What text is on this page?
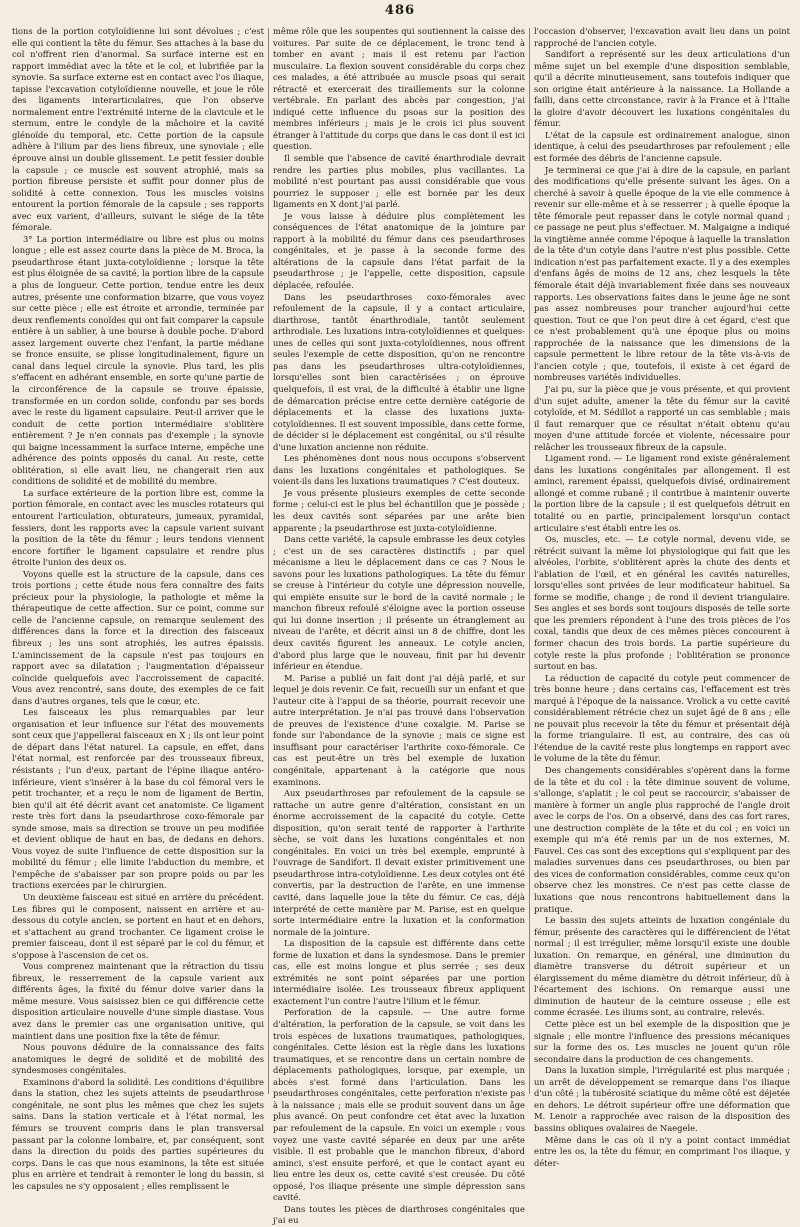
486

tions de la portion cotyloïdienne lui sont dévolues ; c'est elle qui contient la tête du fémur. Ses attaches à la base du col n'offrent rien d'anormal. Sa surface interne est en rapport immédiat avec la tête et le col, et lubrifiée par la synovie. Sa surface externe est en contact avec l'os iliaque, tapisse l'excavation cotyloïdienne nouvelle, et joue le rôle des ligaments interarticulaires, que l'on observe normalement entre l'extrémité interne de la clavicule et le sternum, entre le condyle de la mâchoire et la cavité glénoïde du temporal, etc. Cette portion de la capsule adhère à l'ilium par des liens fibreux, une synoviale ; elle éprouve ainsi un double glissement. Le petit fessier double la capsule ; ce muscle est souvent atrophié, mais sa portion fibreuse persiste et suffit pour donner plus de solidité à cette connexion. Tous les muscles voisins entourent la portion fémorale de la capsule ; ses rapports avec eux varient, d'ailleurs, suivant le siége de la tête fémorale.

3° La portion intermédiaire ou libre est plus ou moins longue ; elle est assez courte dans la pièce de M. Broca, la pseudarthrose étant juxta-cotyloïdienne ; lorsque la tête est plus éloignée de sa cavité, la portion libre de la capsule a plus de longueur. Cette portion, tendue entre les deux autres, présente une conformation bizarre, que vous voyez sur cette pièce ; elle est étroite et arrondie, terminée par deux renflements conoïdes qui ont fait comparer la capsule entière à un sablier, à une bourse à double poche. D'abord assez largement ouverte chez l'enfant, la partie médiane se fronce ensuite, se plisse longitudinalement, figure un canal dans lequel circule la synovie. Plus tard, les plis s'effacent en adhérant ensemble, en sorte qu'une partie de la circonférence de la capsule se trouve épaissie, transformée en un cordon solide, confondu par ses bords avec le reste du ligament capsulaire. Peut-il arriver que le conduit de cette portion intermédiaire s'oblitère entièrement ? Je n'en connais pas d'exemple ; la synovie qui baigne incessamment la surface interne, empêche une adhérence des points opposés du canal. Au reste, cette oblitération, si elle avait lieu, ne changerait rien aux conditions de solidité et de mobilité du membre.

La surface extérieure de la portion libre est, comme la portion fémorale, en contact avec les muscles rotateurs qui entourent l'articulation, obturateurs, jumeaux, pyramidal, fessiers, dont les rapports avec la capsule varient suivant la position de la tête du fémur ; leurs tendons viennent encore fortifier le ligament capsulaire et rendre plus étroite l'union des deux os.

Voyons quelle est la structure de la capsule, dans ces trois portions ; cette étude nous fera connaître des faits précieux pour la physiologie, la pathologie et même la thérapeutique de cette affection. Sur ce point, comme sur celle de l'ancienne capsule, on remarque seulement des différences dans la force et la direction des faisceaux fibreux ; les uns sont atrophiés, les autres épaissis. L'amincissement de la capsule n'est pas toujours en rapport avec sa dilatation ; l'augmentation d'épaisseur coïncide quelquefois avec l'accroissement de capacité. Vous avez rencontré, sans doute, des exemples de ce fait dans d'autres organes, tels que le cœur, etc.

Les faisceaux les plus remarquables par leur organisation et leur influence sur l'état des mouvements sont ceux que j'appellerai faisceaux en X ; ils ont leur point de départ dans l'état naturel. La capsule, en effet, dans l'état normal, est renforcée par des trousseaux fibreux, résistants ; l'un d'eux, partant de l'épine iliaque antéro-inférieure, vient s'insérer à la base du col fémoral vers le petit trochanter, et a reçu le nom de ligament de Bertin, bien qu'il ait été décrit avant cet anatomiste. Ce ligament reste très fort dans la pseudarthrose coxo-fémorale par synde smose, mais sa direction se trouve un peu modifiée et devient oblique de haut en bas, de dedans en dehors. Vous voyez de suite l'influence de cette disposition sur la mobilité du fémur ; elle limite l'abduction du membre, et l'empêche de s'abaisser par son propre poids ou par les tractions exercées par le chirurgien.

Un deuxième faisceau est situé en arrière du précédent. Les fibres qui le composent, naissent en arrière et au-dessous du cotyle ancien, se portent en haut et en dehors, et s'attachent au grand trochanter. Ce ligament croise le premier faisceau, dont il est séparé par le col du fémur, et s'oppose à l'ascension de cet os.

Vous comprenez maintenant que la rétraction du tissu fibreux, le resserrement de la capsule varient aux différents âges, la fixité du fémur doive varier dans la même mesure. Vous saisissez bien ce qui différencie cette disposition articulaire nouvelle d'une simple diastase. Vous avez dans le premier cas une organisation unitive, qui maintient dans une position fixe la tête de fémur.

Nous pouvons déduire de la connaissance des faits anatomiques le degré de solidité et de mobilité des syndesmoses congénitales.

Examinons d'abord la solidité. Les conditions d'équilibre dans la station, chez les sujets atteints de pseudarthrose congénitale, ne sont plus les mêmes que chez les sujets sains. Dans la station verticale et à l'état normal, les fémurs se trouvent compris dans le plan transversal passant par la colonne lombaire, et, par conséquent, sont dans la direction du poids des parties supérieures du corps. Dans le cas que nous examinons, la tête est située plus en arrière et tendrait à remonter le long du bassin, si les capsules ne s'y opposaient ; elles remplissent le

même rôle que les soupentes qui soutiennent la caisse des voitures. Par suite de ce déplacement, le tronc tend à tomber en avant ; mais il est retenu par l'action musculaire. La flexion souvent considérable du corps chez ces malades, a été attribuée au muscle psoas qui serait rétracté et exercerait des tiraillements sur la colonne vertébrale. En parlant des abcès par congestion, j'ai indiqué cette influence du psoas sur la position des membres inférieurs ; mais je le crois ici plus souvent étranger à l'attitude du corps que dans le cas dont il est ici question.

Il semble que l'absence de cavité énarthrodiale devrait rendre les parties plus mobiles, plus vacillantes. La mobilité n'est pourtant pas aussi considérable que vous pourriez le supposer ; elle est bornée par les deux ligaments en X dont j'ai parlé.

Je vous laisse à déduire plus complètement les conséquences de l'état anatomique de la jointure par rapport à la mobilité du fémur dans ces pseudarthroses congénitales, et je passe à la seconde forme des altérations de la capsule dans l'état parfait de la pseudarthrose ; je l'appelle, cette disposition, capsule déplacée, refoulée.

Dans les pseudarthroses coxo-fémorales avec refoulement de la capsule, il y a contact articulaire, diarthrose, tantôt énarthrodiale, tantôt seulement arthrodiale. Les luxations intra-cotyloïdiennes et quelques-unes de celles qui sont juxta-cotyloïdiennes, nous offrent seules l'exemple de cette disposition, qu'on ne rencontre pas dans les pseudarthroses ultra-cotyloïdiennes, lorsqu'elles sont bien caractérisées ; on éprouve quelquefois, il est vrai, de la difficulté à établir une ligne de démarcation précise entre cette dernière catégorie de déplacements et la classe des luxations juxta-cotyloïdiennes. Il est souvent impossible, dans cette forme, de décider si le déplacement est congénital, ou s'il résulte d'une luxation ancienne non réduite.

Les phénomènes dont nous nous occupons s'observent dans les luxations congénitales et pathologiques. Se voient-ils dans les luxations traumatiques ? C'est douteux.

Je vous présente plusieurs exemples de cette seconde forme ; celui-ci est le plus bel échantillon que je possède ; les deux cavités sont séparées par une arête bien apparente ; la pseudarthrose est juxta-cotyloïdienne.

Dans cette variété, la capsule embrasse les deux cotyles ; c'est un de ses caractères distinctifs ; par quel mécanisme a lieu le déplacement dans ce cas ? Nous le savons pour les luxations pathologiques. La tête du fémur se creuse à l'intérieur du cotyle une dépression nouvelle, qui empiète ensuite sur le bord de la cavité normale ; le manchon fibreux refoulé s'éloigne avec la portion osseuse qui lui donne insertion ; il présente un étranglement au niveau de l'arête, et décrit ainsi un 8 de chiffre, dont les deux cavités figurent les anneaux. Le cotyle ancien, d'abord plus large que le nouveau, finit par lui devenir inférieur en étendue.

M. Parise a publié un fait dont j'ai déjà parlé, et sur lequel je dois revenir. Ce fait, recueilli sur un enfant et que l'auteur cite à l'appui de sa théorie, pourrait recevoir une autre interprétation. Je n'ai pas trouvé dans l'observation de preuves de l'existence d'une coxalgie. M. Parise se fonde sur l'abondance de la synovie ; mais ce signe est insuffisant pour caractériser l'arthrite coxo-fémorale. Ce cas est peut-être un très bel exemple de luxation congénitale, appartenant à la catégorie que nous examinons.

Aux pseudarthroses par refoulement de la capsule se rattache un autre genre d'altération, consistant en un énorme accroissement de la capacité du cotyle. Cette disposition, qu'on serait tenté de rapporter à l'arthrite sèche, se voit dans les luxations congénitales et non congénitales. En voici un très bel exemple, emprunté à l'ouvrage de Sandifort. Il devait exister primitivement une pseudarthrose intra-cotyloïdienne. Les deux cotyles ont été convertis, par la destruction de l'arête, en une immense cavité, dans laquelle joue la tête du fémur. Ce cas, déjà interprété de cette manière par M. Parise, est en quelque sorte intermédiaire entre la luxation et la conformation normale de la jointure.

La disposition de la capsule est différente dans cette forme de luxation et dans la syndesmose. Dans le premier cas, elle est moins longue et plus serrée ; ses deux extrémités ne sont point séparées par une portion intermédiaire isolée. Les trousseaux fibreux appliquent exactement l'un contre l'autre l'ilium et le fémur.

Perforation de la capsule. — Une autre forme d'altération, la perforation de la capsule, se voit dans les trois espèces de luxations traumatiques, pathologiques, congénitales. Cette lésion est la règle dans les luxations traumatiques, et se rencontre dans un certain nombre de déplacements pathologiques, lorsque, par exemple, un abcès s'est formé dans l'articulation. Dans les pseudarthroses congénitales, cette perforation n'existe pas à la naissance ; mais elle se produit souvent dans un âge plus avancé. On peut confondre cet état avec la luxation par refoulement de la capsule. En voici un exemple : vous voyez une vaste cavité séparée en deux par une arête visible. Il est probable que le manchon fibreux, d'abord aminci, s'est ensuite perforé, et que le contact ayant eu lieu entre les deux os, cette cavité s'est creusée. Du côté opposé, l'os iliaque présente une simple dépression sans cavité.

Dans toutes les pièces de diarthroses congénitales que j'ai eu

l'occasion d'observer, l'excavation avait lieu dans un point rapproché de l'ancien cotyle.

Sandifort a représenté sur les deux articulations d'un même sujet un bel exemple d'une disposition semblable, qu'il a décrite minutieusement, sans toutefois indiquer que son origine était antérieure à la naissance. La Hollande a failli, dans cette circonstance, ravir à la France et à l'Italie la gloire d'avoir découvert les luxations congénitales du fémur.

L'état de la capsule est ordinairement analogue, sinon identique, à celui des pseudarthroses par refoulement ; elle est formée des débris de l'ancienne capsule.

Je terminerai ce que j'ai à dire de la capsule, en parlant des modifications qu'elle présente suivant les âges. On a cherché à savoir à quelle époque de la vie elle commence à revenir sur elle-même et à se resserrer ; à quelle époque la tête fémorale peut repasser dans le cotyle normal quand ; ce passage ne peut plus s'effectuer. M. Malgaigne a indiqué la vingtième année comme l'époque à laquelle la translation de la tête d'un cotyle dans l'autre n'est plus possible. Cette indication n'est pas parfaitement exacte. Il y a des exemples d'enfans âgés de moins de 12 ans, chez lesquels la tête fémorale était déjà invariablement fixée dans ses nouveaux rapports. Les observations faites dans le jeune âge ne sont pas assez nombreuses pour trancher aujourd'hui cette question. Tout ce que l'on peut dire à cet égard, c'est que ce n'est probablement qu'à une époque plus ou moins rapprochée de la naissance que les dimensions de la capsule permettent le libre retour de la tête vis-à-vis de l'ancien cotyle ; que, toutefois, il existe à cet égard de nombreuses variétés individuelles.

J'ai pu, sur la pièce que je vous présente, et qui provient d'un sujet adulte, amener la tête du fémur sur la cavité cotyloïde, et M. Sédillot a rapporté un cas semblable ; mais il faut remarquer que ce résultat n'était obtenu qu'au moyen d'une attitude forcée et violente, nécessaire pour relâcher les trousseaux fibreux de la capsule.

Ligament rond. — Le ligament rond existe généralement dans les luxations congénitales par allongement. Il est aminci, rarement épaissi, quelquefois divisé, ordinairement allongé et comme rubané ; il contribue à maintenir ouverte la portion libre de la capsule ; il est quelquefois détruit en totalité ou en partie, principalement lorsqu'un contact articulaire s'est établi entre les os.

Os, muscles, etc. — Le cotyle normal, devenu vide, se rétrécit suivant la même loi physiologique qui fait que les alvéoles, l'orbite, s'oblitèrent après la chute des dents et l'ablation de l'œil, et en général les cavités naturelles, lorsqu'elles sont privées de leur modificateur habituel. Sa forme se modifie, change ; de rond il devient triangulaire. Ses angles et ses bords sont toujours disposés de telle sorte que les premiers répondent à l'une des trois pièces de l'os coxal, tandis que deux de ces mêmes pièces concourent à former chacun des trois bords. La partie supérieure du cotyle reste la plus profonde ; l'oblitération se prononce surtout en bas.

La réduction de capacité du cotyle peut commencer de très bonne heure ; dans certains cas, l'effacement est très marqué à l'époque de la naissance. Vrolick a vu cette cavité considérablement rétrécie chez un sujet âgé de 8 ans ; elle ne pouvait plus recevoir la tête du fémur et présentait déjà la forme triangulaire. Il est, au contraire, des cas où l'étendue de la cavité reste plus longtemps en rapport avec le volume de la tête du fémur.

Des changements considérables s'opèrent dans la forme de la tête et du col : la tête diminue souvent de volume, s'allonge, s'aplatit ; le col peut se raccourcir, s'abaisser de manière à former un angle plus rapproché de l'angle droit avec le corps de l'os. On a observé, dans des cas fort rares, une destruction complète de la tête et du col ; en voici un exemple qui m'a été remis par un de nos externes, M. Fauvel. Ces cas sont des exceptions qui s'expliquent par des maladies survenues dans ces pseudarthroses, ou bien par des vices de conformation considérables, comme ceux qu'on observe chez les monstres. Ce n'est pas cette classe de luxations que nous rencontrons habituellement dans la pratique.

Le bassin des sujets atteints de luxation congéniale du fémur, présente des caractères qui le différencient de l'état normal ; il est irrégulier, même lorsqu'il existe une double luxation. On remarque, en général, une diminution du diamètre transverse du détroit supérieur et un élargissement du même diamètre du détroit inférieur, dû à l'écartement des ischions. On remarque aussi une diminution de hauteur de la ceinture osseuse ; elle est comme écrasée. Les iliums sont, au contraire, relevés.

Cette pièce est un bel exemple de la disposition que je signale ; elle montre l'influence des pressions mécaniques sur la forme des os. Les muscles ne jouent qu'un rôle secondaire dans la production de ces changements.

Dans la luxation simple, l'irrégularité est plus marquée ; un arrêt de développement se remarque dans l'os iliaque d'un côté ; la tubérosité sciatique du même côté est déjetée en dehors. Le détroit supérieur offre une déformation que M. Lenoir a rapprochée avec raison de la disposition des bassins obliques ovalaires de Naegele.

Même dans le cas où il n'y a point contact immédiat entre les os, la tête du fémur, en comprimant l'os iliaque, y déter-
